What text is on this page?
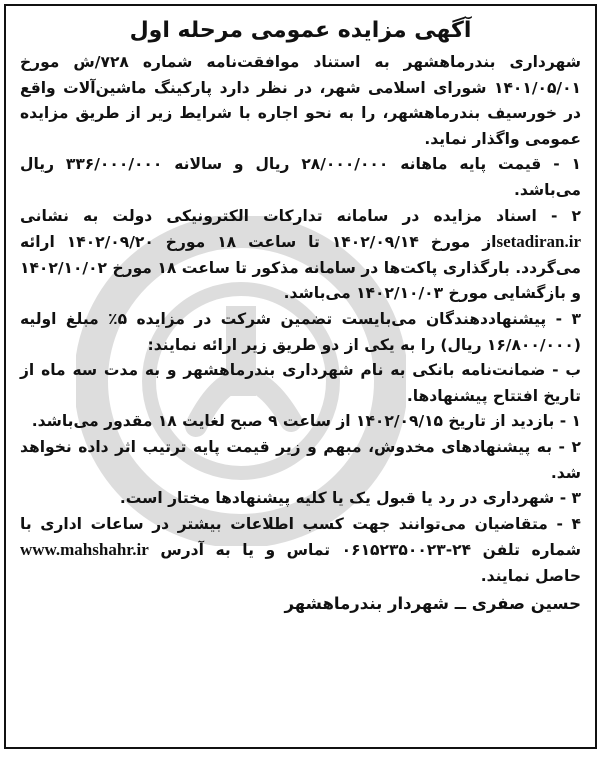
آگهی مزایده عمومی مرحله اول

شهرداری بندرماهشهر به استناد موافقت‌نامه شماره ۷۲۸/ش مورخ ۱۴۰۱/۰۵/۰۱ شورای اسلامی شهر، در نظر دارد پارکینگ ماشین‌آلات واقع در خورسیف بندرماهشهر، را به نحو اجاره با شرایط زیر از طریق مزایده عمومی واگذار نماید.

۱ - قیمت پایه ماهانه ۲۸/۰۰۰/۰۰۰ ریال و سالانه ۳۳۶/۰۰۰/۰۰۰ ریال می‌باشد.

۲ - اسناد مزایده در سامانه تدارکات الکترونیکی دولت به نشانی setadiran.irاز مورخ ۱۴۰۲/۰۹/۱۴ تا ساعت ۱۸ مورخ ۱۴۰۲/۰۹/۲۰ ارائه می‌گردد. بارگذاری پاکت‌ها در سامانه مذکور تا ساعت ۱۸ مورخ ۱۴۰۲/۱۰/۰۲ و بازگشایی مورخ ۱۴۰۲/۱۰/۰۳ می‌باشد.

۳ - پیشنهاددهندگان می‌بایست تضمین شرکت در مزایده ۵٪ مبلغ اولیه (۱۶/۸۰۰/۰۰۰ ریال) را به یکی از دو طریق زیر ارائه نمایند:

ب - ضمانت‌نامه بانکی به نام شهرداری بندرماهشهر و به مدت سه ماه از تاریخ افتتاح پیشنهادها.

۱ - بازدید از تاریخ ۱۴۰۲/۰۹/۱۵ از ساعت ۹ صبح لغایت ۱۸ مقدور می‌باشد.

۲ - به پیشنهادهای مخدوش، مبهم و زیر قیمت پایه ترتیب اثر داده نخواهد شد.

۳ - شهرداری در رد یا قبول یک یا کلیه پیشنهادها مختار است.

۴ - متقاضیان می‌توانند جهت کسب اطلاعات بیشتر در ساعات اداری با شماره تلفن ۲۴-۰۶۱۵۲۳۵۰۰۲۳ تماس و یا به آدرس www.mahshahr.ir حاصل نمایند.

حسین صفری ــ شهردار بندرماهشهر
